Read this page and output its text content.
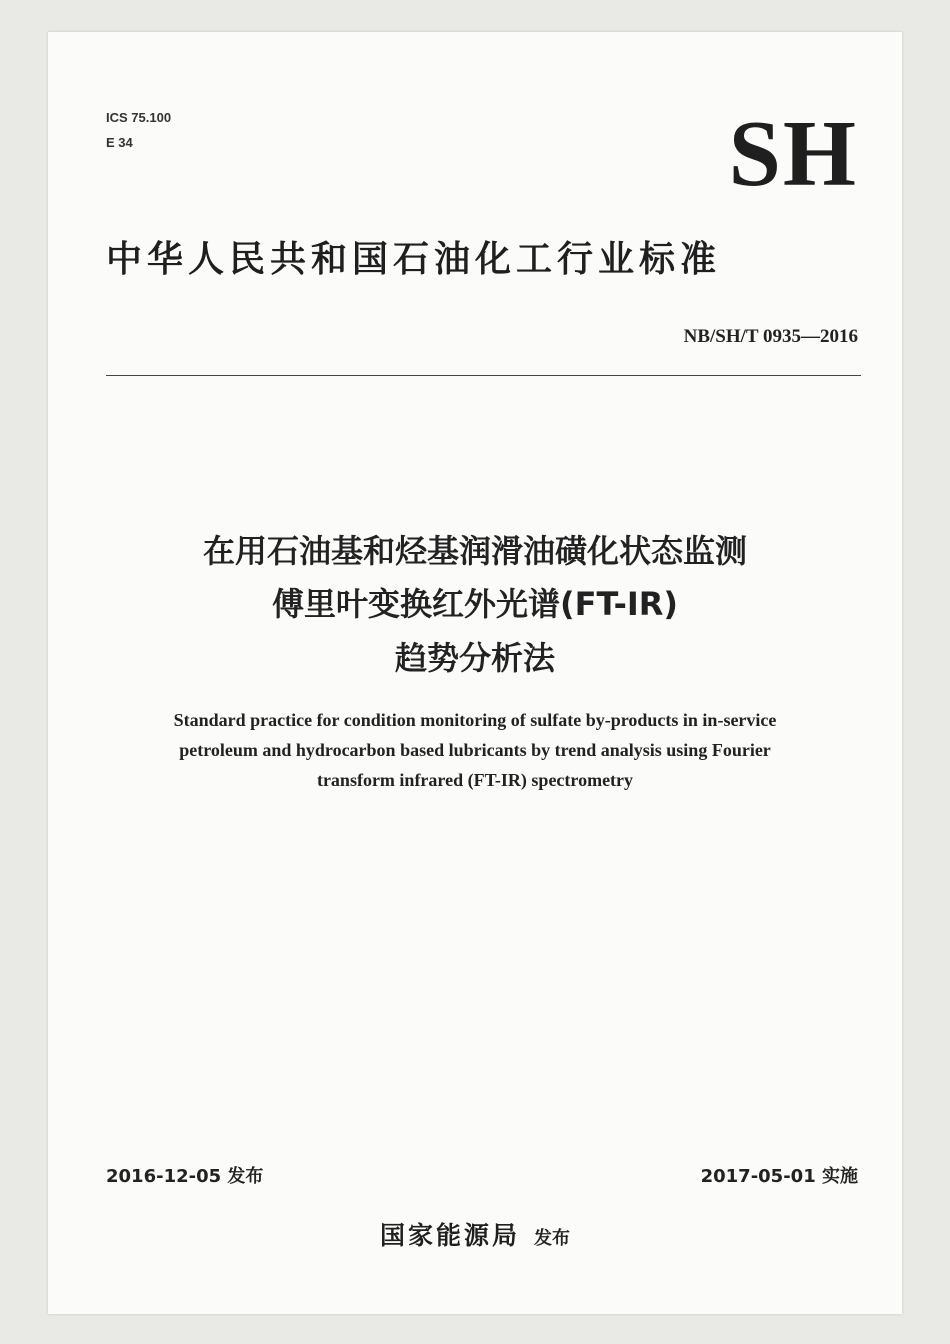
ICS 75.100
E 34	SH
中华人民共和国石油化工行业标准
NB/SH/T 0935—2016
在用石油基和烃基润滑油磺化状态监测
傅里叶变换红外光谱(FT-IR)
趋势分析法
Standard practice for condition monitoring of sulfate by-products in in-service
petroleum and hydrocarbon based lubricants by trend analysis using Fourier
transform infrared (FT-IR) spectrometry
2016-12-05 发布	2017-05-01 实施
国家能源局 发布
